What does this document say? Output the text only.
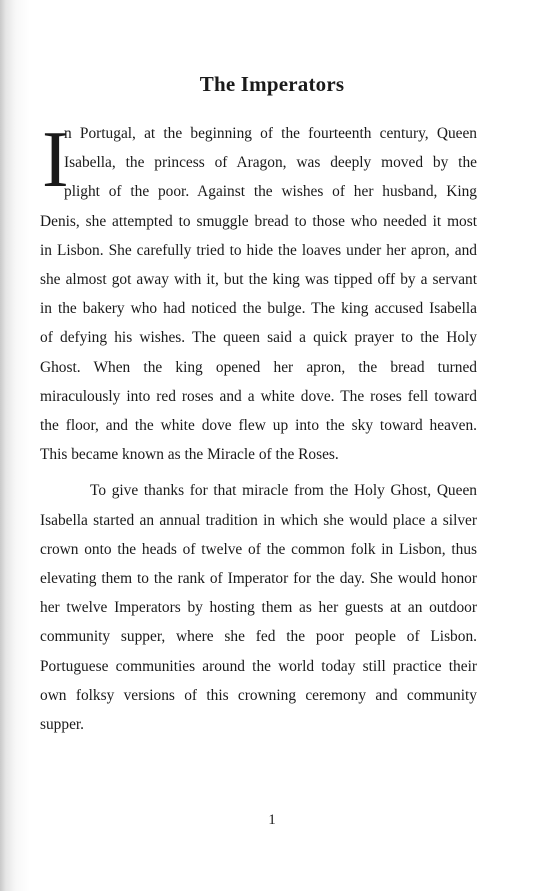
The Imperators
I
n Portugal, at the beginning of the fourteenth century, Queen
Isabella, the princess of Aragon, was deeply moved by the
plight of the poor. Against the wishes of her husband, King
Denis, she attempted to smuggle bread to those who needed it most
in Lisbon. She carefully tried to hide the loaves under her apron, and
she almost got away with it, but the king was tipped off by a servant
in the bakery who had noticed the bulge. The king accused Isabella
of defying his wishes. The queen said a quick prayer to the Holy
Ghost. When the king opened her apron, the bread turned
miraculously into red roses and a white dove. The roses fell toward
the floor, and the white dove flew up into the sky toward heaven.
This became known as the Miracle of the Roses.
To give thanks for that miracle from the Holy Ghost, Queen
Isabella started an annual tradition in which she would place a silver
crown onto the heads of twelve of the common folk in Lisbon, thus
elevating them to the rank of Imperator for the day. She would honor
her twelve Imperators by hosting them as her guests at an outdoor
community supper, where she fed the poor people of Lisbon.
Portuguese communities around the world today still practice their
own folksy versions of this crowning ceremony and community
supper.
1
